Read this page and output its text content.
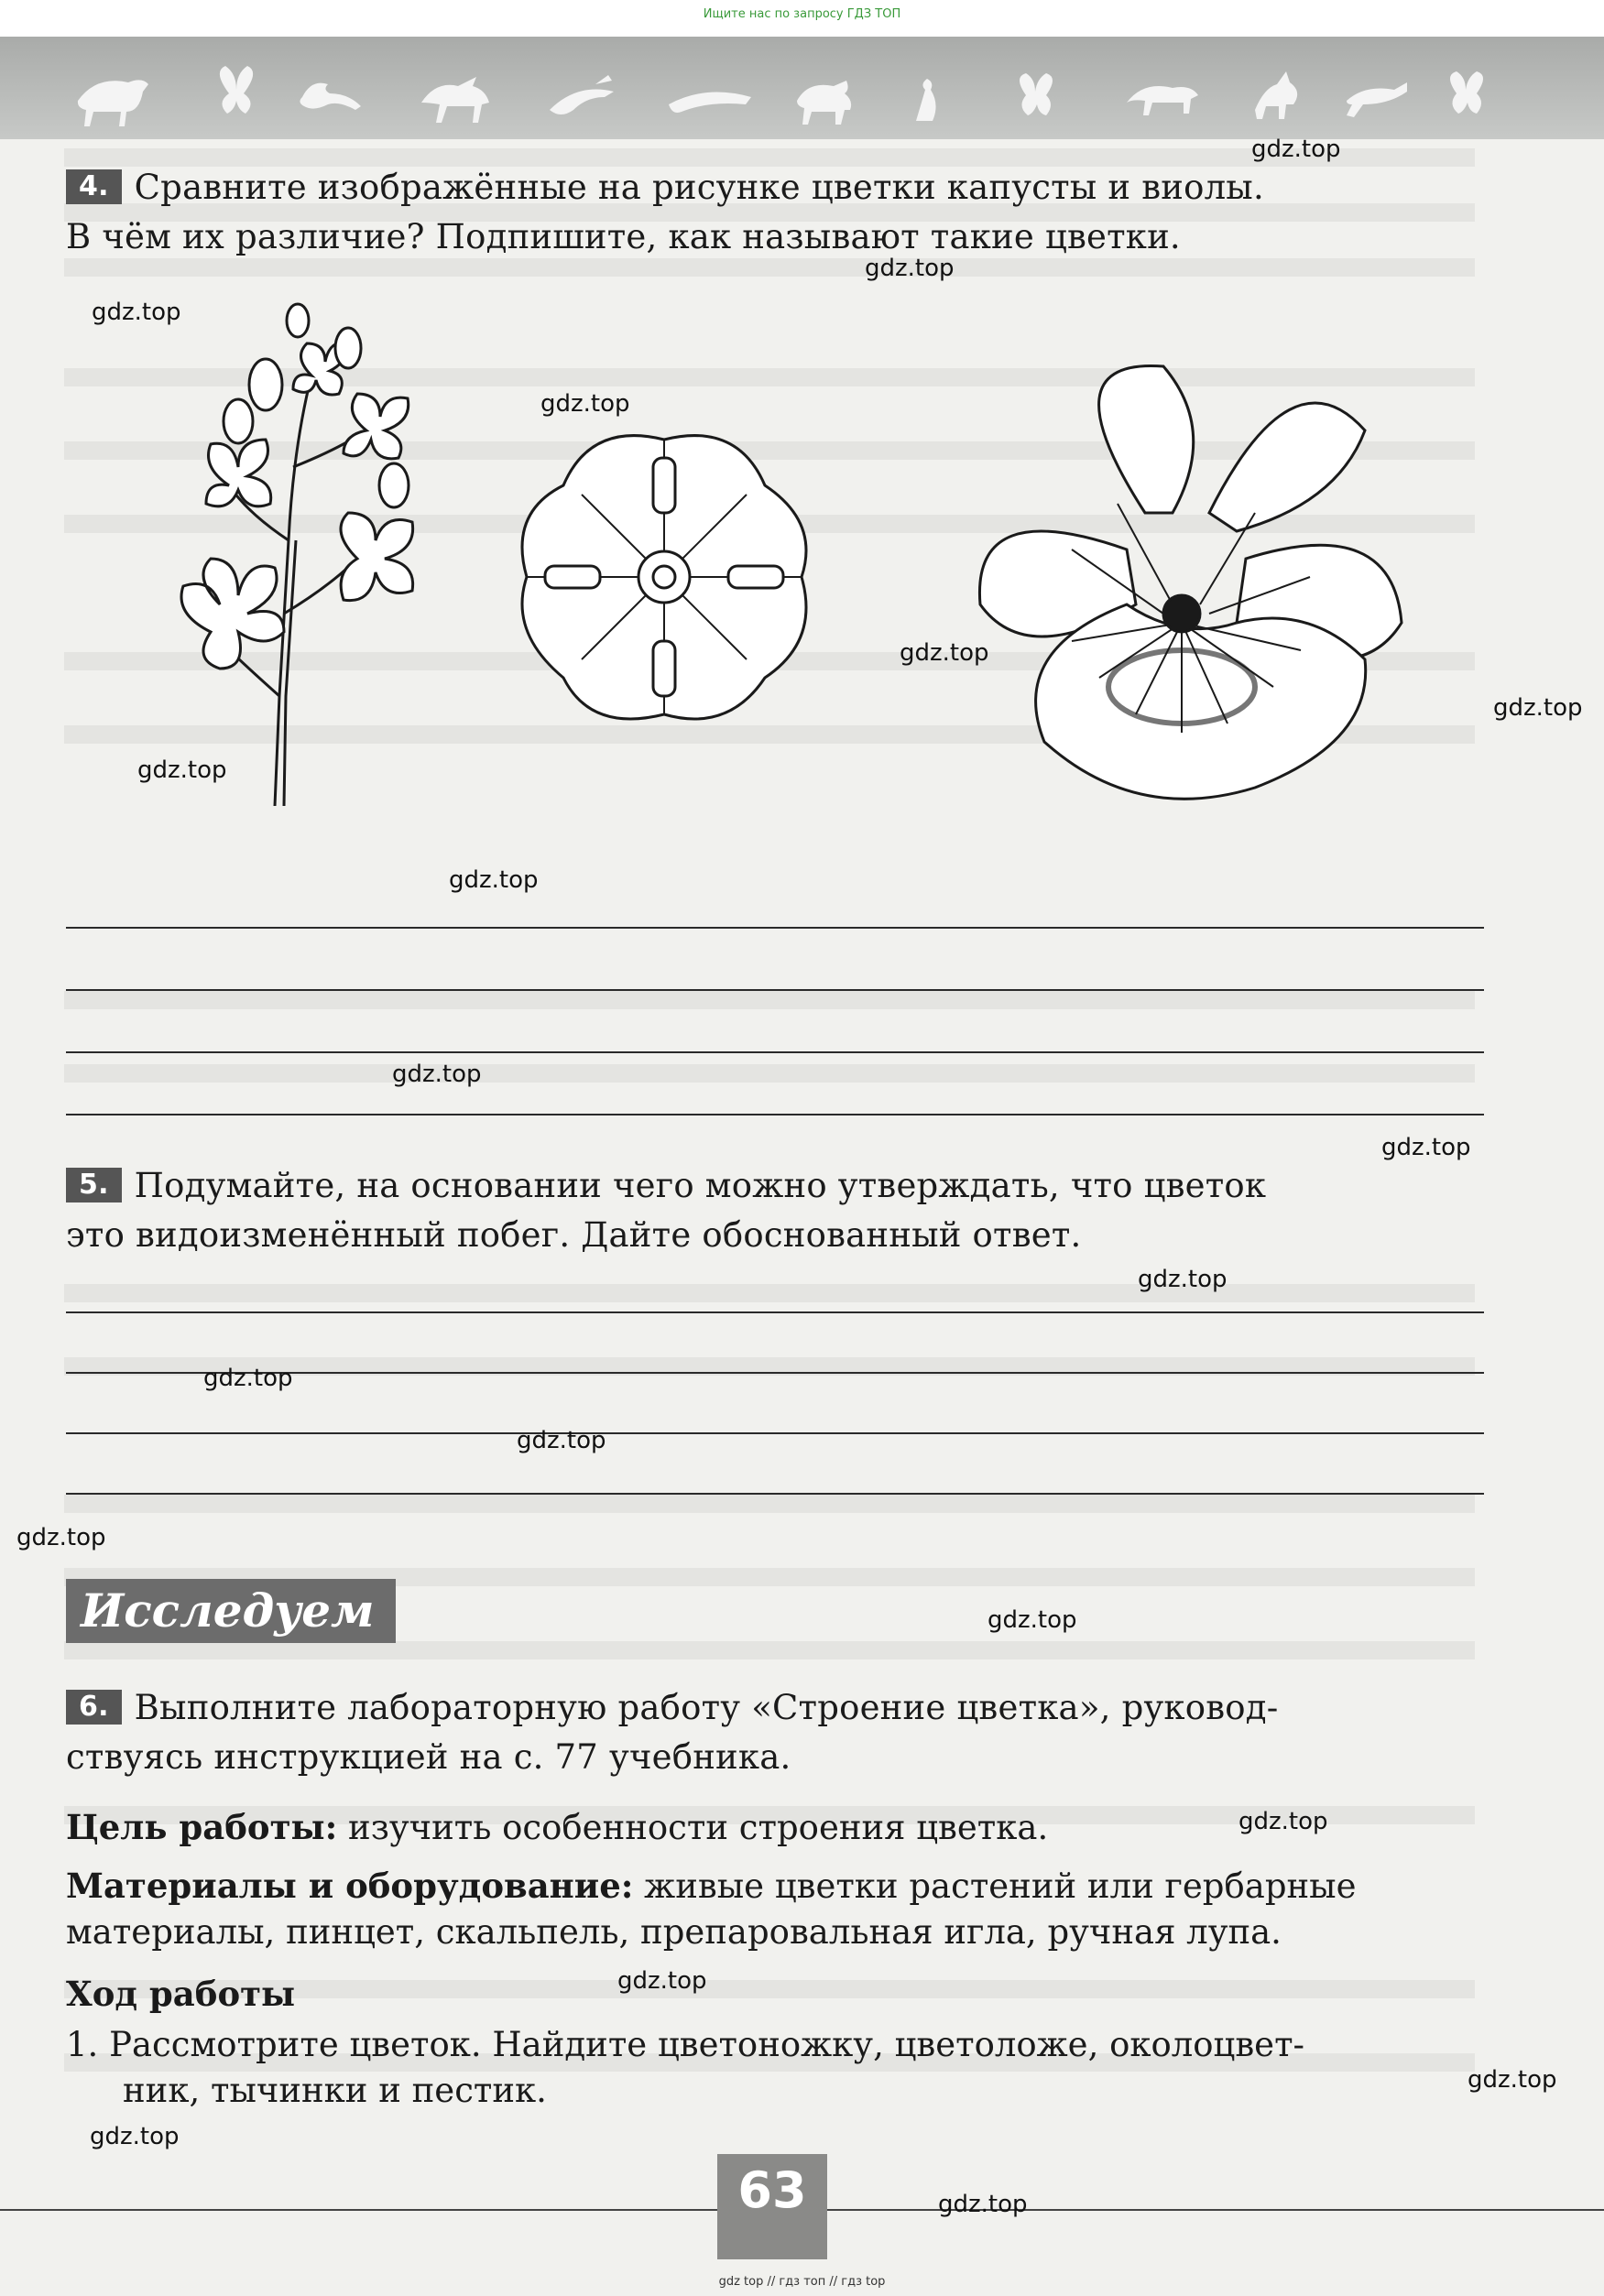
Ищите нас по запросу ГДЗ ТОП
4. Сравните изображённые на рисунке цветки капусты и виолы.
В чём их различие? Подпишите, как называют такие цветки.
5. Подумайте, на основании чего можно утверждать, что цветок
это видоизменённый побег. Дайте обоснованный ответ.
Исследуем
6. Выполните лабораторную работу «Строение цветка», руковод-
ствуясь инструкцией на с. 77 учебника.
Цель работы: изучить особенности строения цветка.
Материалы и оборудование: живые цветки растений или гербарные
материалы, пинцет, скальпель, препаровальная игла, ручная лупа.
Ход работы
1. Рассмотрите цветок. Найдите цветоножку, цветоложе, околоцвет-
ник, тычинки и пестик.
63
gdz top // гдз топ // гдз top
gdz.top
gdz.top
gdz.top
gdz.top
gdz.top
gdz.top
gdz.top
gdz.top
gdz.top
gdz.top
gdz.top
gdz.top
gdz.top
gdz.top
gdz.top
gdz.top
gdz.top
gdz.top
gdz.top
gdz.top
